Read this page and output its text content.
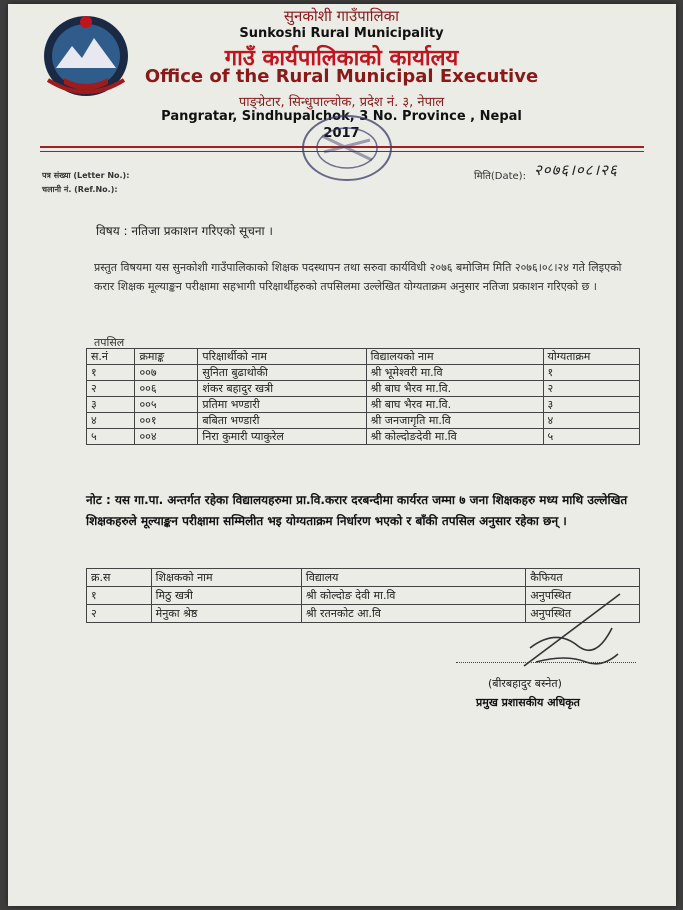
सुनकोशी गाउँपालिका
Sunkoshi Rural Municipality
गाउँ कार्यपालिकाको कार्यालय
Office of the Rural Municipal Executive
पाङ्ग्रेटार, सिन्धुपाल्चोक, प्रदेश नं. ३, नेपाल
Pangratar, Sindhupalchok, 3 No. Province , Nepal
2017
पत्र संख्या (Letter No.):
चलानी नं. (Ref.No.):
मिति(Date): २०७६।०८।२६
विषय : नतिजा प्रकाशन गरिएको सूचना ।
प्रस्तुत विषयमा यस सुनकोशी गाउँपालिकाको शिक्षक पदस्थापन तथा सरुवा कार्यविधी २०७६ बमोजिम मिति २०७६।०८।२४ गते लिइएको करार शिक्षक मूल्याङ्कन परीक्षामा सहभागी परिक्षार्थीहरुको तपसिलमा उल्लेखित योग्यताक्रम अनुसार नतिजा प्रकाशन गरिएको छ ।
तपसिल
स.नं	क्रमाङ्क	परिक्षार्थीको नाम	विद्यालयको नाम	योग्यताक्रम
१	००७	सुनिता बुढाथोकी	श्री भूमेश्वरी मा.वि	१
२	००६	शंकर बहादुर खत्री	श्री बाघ भैरव मा.वि.	२
३	००५	प्रतिमा भण्डारी	श्री बाघ भैरव मा.वि.	३
४	००१	बबिता भण्डारी	श्री जनजागृति मा.वि	४
५	००४	निरा कुमारी प्याकुरेल	श्री कोल्दोङदेवी मा.वि	५
नोट : यस गा.पा. अन्तर्गत रहेका विद्यालयहरुमा प्रा.वि.करार दरबन्दीमा कार्यरत जम्मा ७ जना शिक्षकहरु मध्य माथि उल्लेखित शिक्षकहरुले मूल्याङ्कन परीक्षामा सम्मिलीत भइ योग्यताक्रम निर्धारण भएको र बाँकी तपसिल अनुसार रहेका छन् ।
क्र.स	शिक्षकको नाम	विद्यालय	कैफियत
१	मिठु खत्री	श्री कोल्दोङ देवी मा.वि	अनुपस्थित
२	मेनुका श्रेष्ठ	श्री रतनकोट आ.वि	अनुपस्थित
(बीरबहादुर बस्नेत)
प्रमुख प्रशासकीय अधिकृत
